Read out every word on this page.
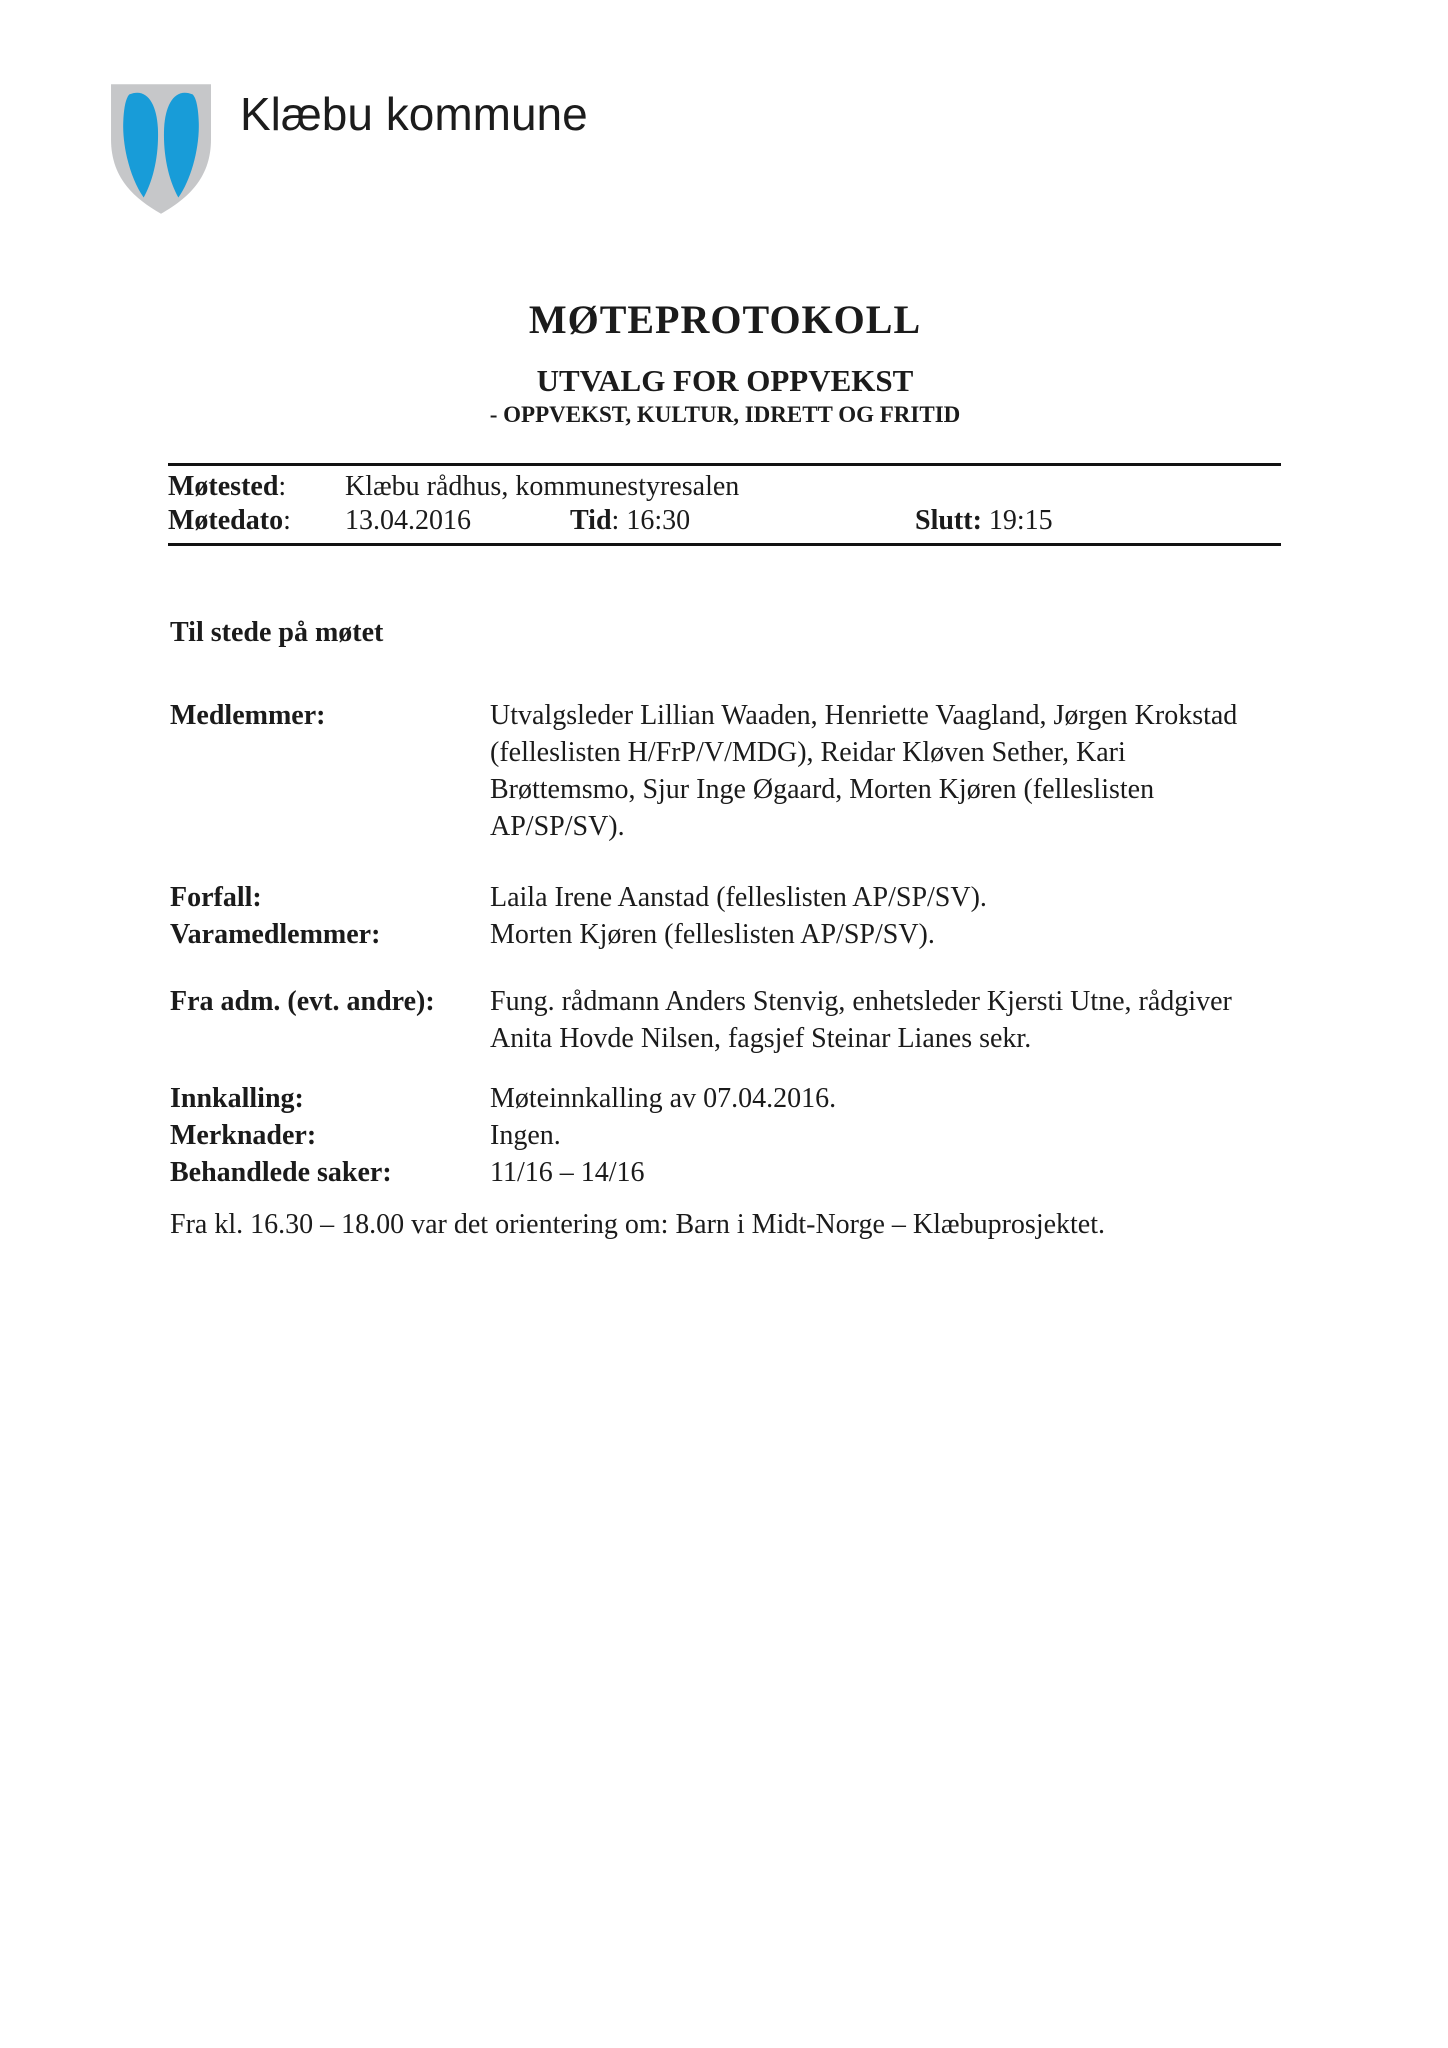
Klæbu kommune
MØTEPROTOKOLL
UTVALG FOR OPPVEKST
- OPPVEKST, KULTUR, IDRETT OG FRITID
Møtested: Klæbu rådhus, kommunestyresalen
Møtedato: 13.04.2016	Tid: 16:30	Slutt: 19:15
Til stede på møtet
Medlemmer:	Utvalgsleder Lillian Waaden, Henriette Vaagland, Jørgen Krokstad (felleslisten H/FrP/V/MDG), Reidar Kløven Sether, Kari Brøttemsmo, Sjur Inge Øgaard, Morten Kjøren (felleslisten AP/SP/SV).
Forfall:	Laila Irene Aanstad (felleslisten AP/SP/SV).
Varamedlemmer:	Morten Kjøren (felleslisten AP/SP/SV).
Fra adm. (evt. andre): Fung. rådmann Anders Stenvig, enhetsleder Kjersti Utne, rådgiver Anita Hovde Nilsen, fagsjef Steinar Lianes sekr.
Innkalling:	Møteinnkalling av 07.04.2016.
Merknader:	Ingen.
Behandlede saker:	11/16 – 14/16
Fra kl. 16.30 – 18.00 var det orientering om: Barn i Midt-Norge – Klæbuprosjektet.
